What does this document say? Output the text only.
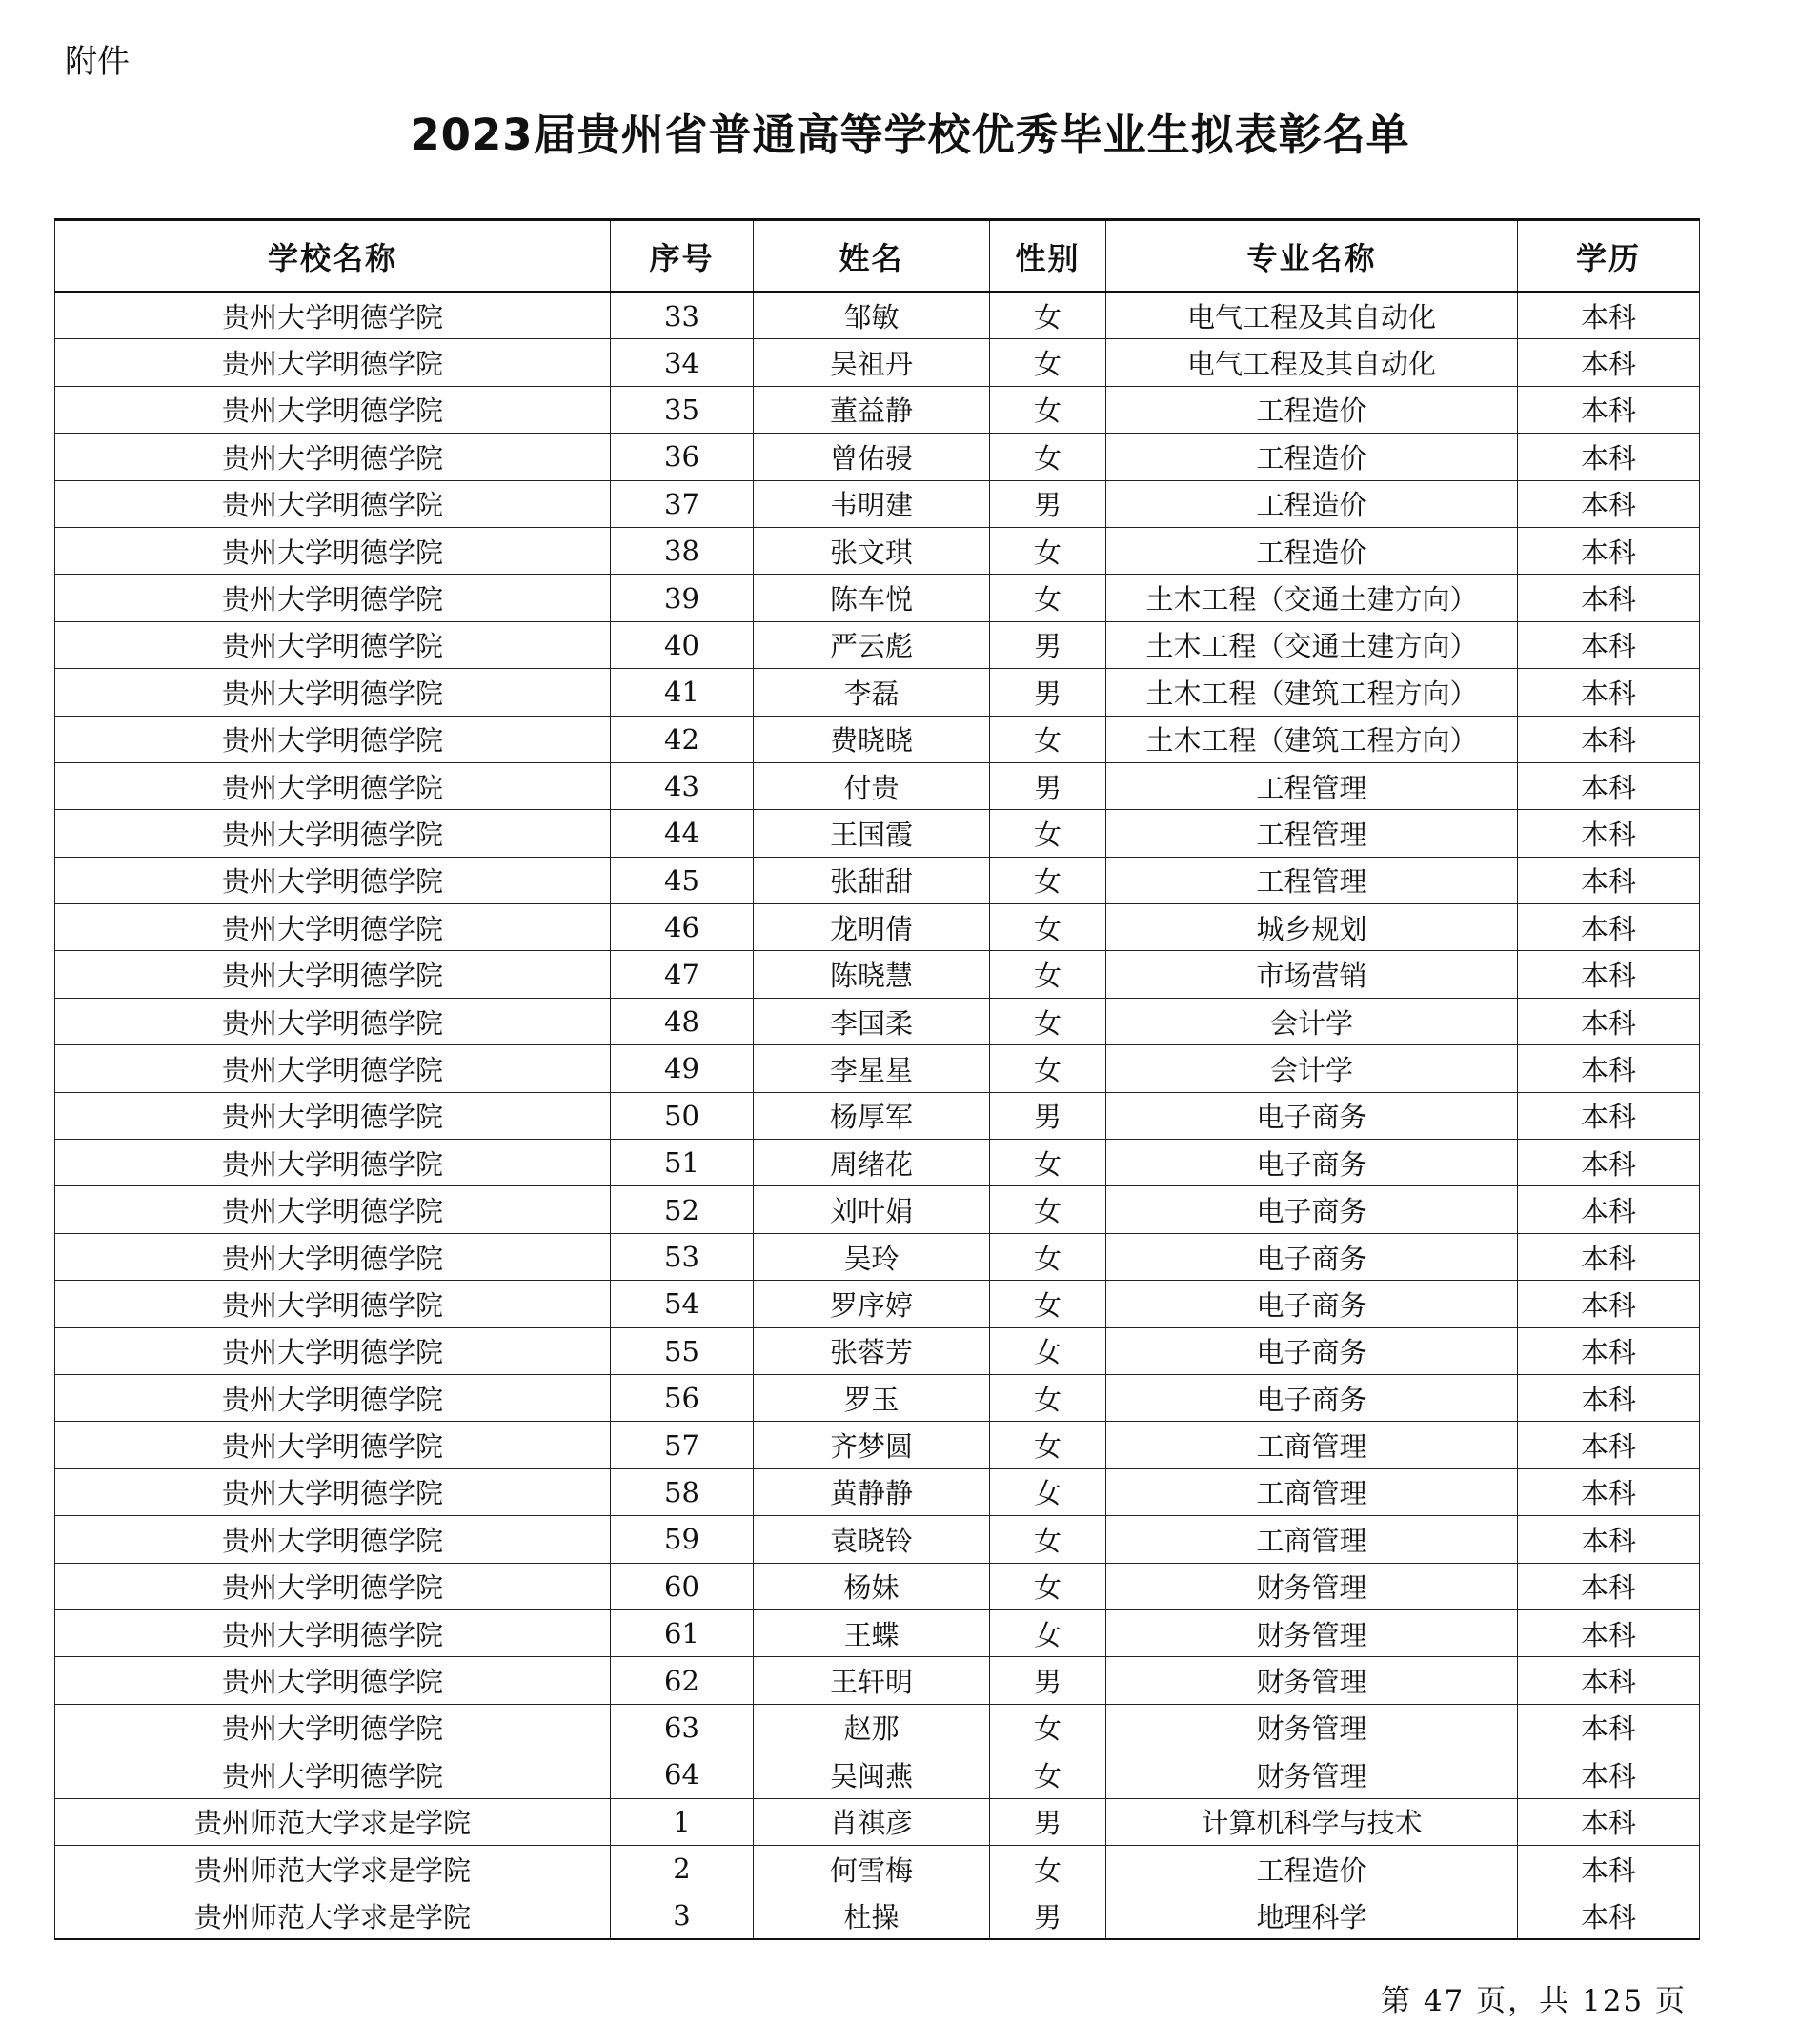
附件
2023届贵州省普通高等学校优秀毕业生拟表彰名单
学校名称	序号	姓名	性别	专业名称	学历
贵州大学明德学院	33	邹敏	女	电气工程及其自动化	本科
贵州大学明德学院	34	吴祖丹	女	电气工程及其自动化	本科
贵州大学明德学院	35	董益静	女	工程造价	本科
贵州大学明德学院	36	曾佑骎	女	工程造价	本科
贵州大学明德学院	37	韦明建	男	工程造价	本科
贵州大学明德学院	38	张文琪	女	工程造价	本科
贵州大学明德学院	39	陈车悦	女	土木工程（交通土建方向）	本科
贵州大学明德学院	40	严云彪	男	土木工程（交通土建方向）	本科
贵州大学明德学院	41	李磊	男	土木工程（建筑工程方向）	本科
贵州大学明德学院	42	费晓晓	女	土木工程（建筑工程方向）	本科
贵州大学明德学院	43	付贵	男	工程管理	本科
贵州大学明德学院	44	王国霞	女	工程管理	本科
贵州大学明德学院	45	张甜甜	女	工程管理	本科
贵州大学明德学院	46	龙明倩	女	城乡规划	本科
贵州大学明德学院	47	陈晓慧	女	市场营销	本科
贵州大学明德学院	48	李国柔	女	会计学	本科
贵州大学明德学院	49	李星星	女	会计学	本科
贵州大学明德学院	50	杨厚军	男	电子商务	本科
贵州大学明德学院	51	周绪花	女	电子商务	本科
贵州大学明德学院	52	刘叶娟	女	电子商务	本科
贵州大学明德学院	53	吴玲	女	电子商务	本科
贵州大学明德学院	54	罗序婷	女	电子商务	本科
贵州大学明德学院	55	张蓉芳	女	电子商务	本科
贵州大学明德学院	56	罗玉	女	电子商务	本科
贵州大学明德学院	57	齐梦圆	女	工商管理	本科
贵州大学明德学院	58	黄静静	女	工商管理	本科
贵州大学明德学院	59	袁晓铃	女	工商管理	本科
贵州大学明德学院	60	杨妹	女	财务管理	本科
贵州大学明德学院	61	王蝶	女	财务管理	本科
贵州大学明德学院	62	王轩明	男	财务管理	本科
贵州大学明德学院	63	赵那	女	财务管理	本科
贵州大学明德学院	64	吴闽燕	女	财务管理	本科
贵州师范大学求是学院	1	肖祺彦	男	计算机科学与技术	本科
贵州师范大学求是学院	2	何雪梅	女	工程造价	本科
贵州师范大学求是学院	3	杜操	男	地理科学	本科
第 47 页，共 125 页
